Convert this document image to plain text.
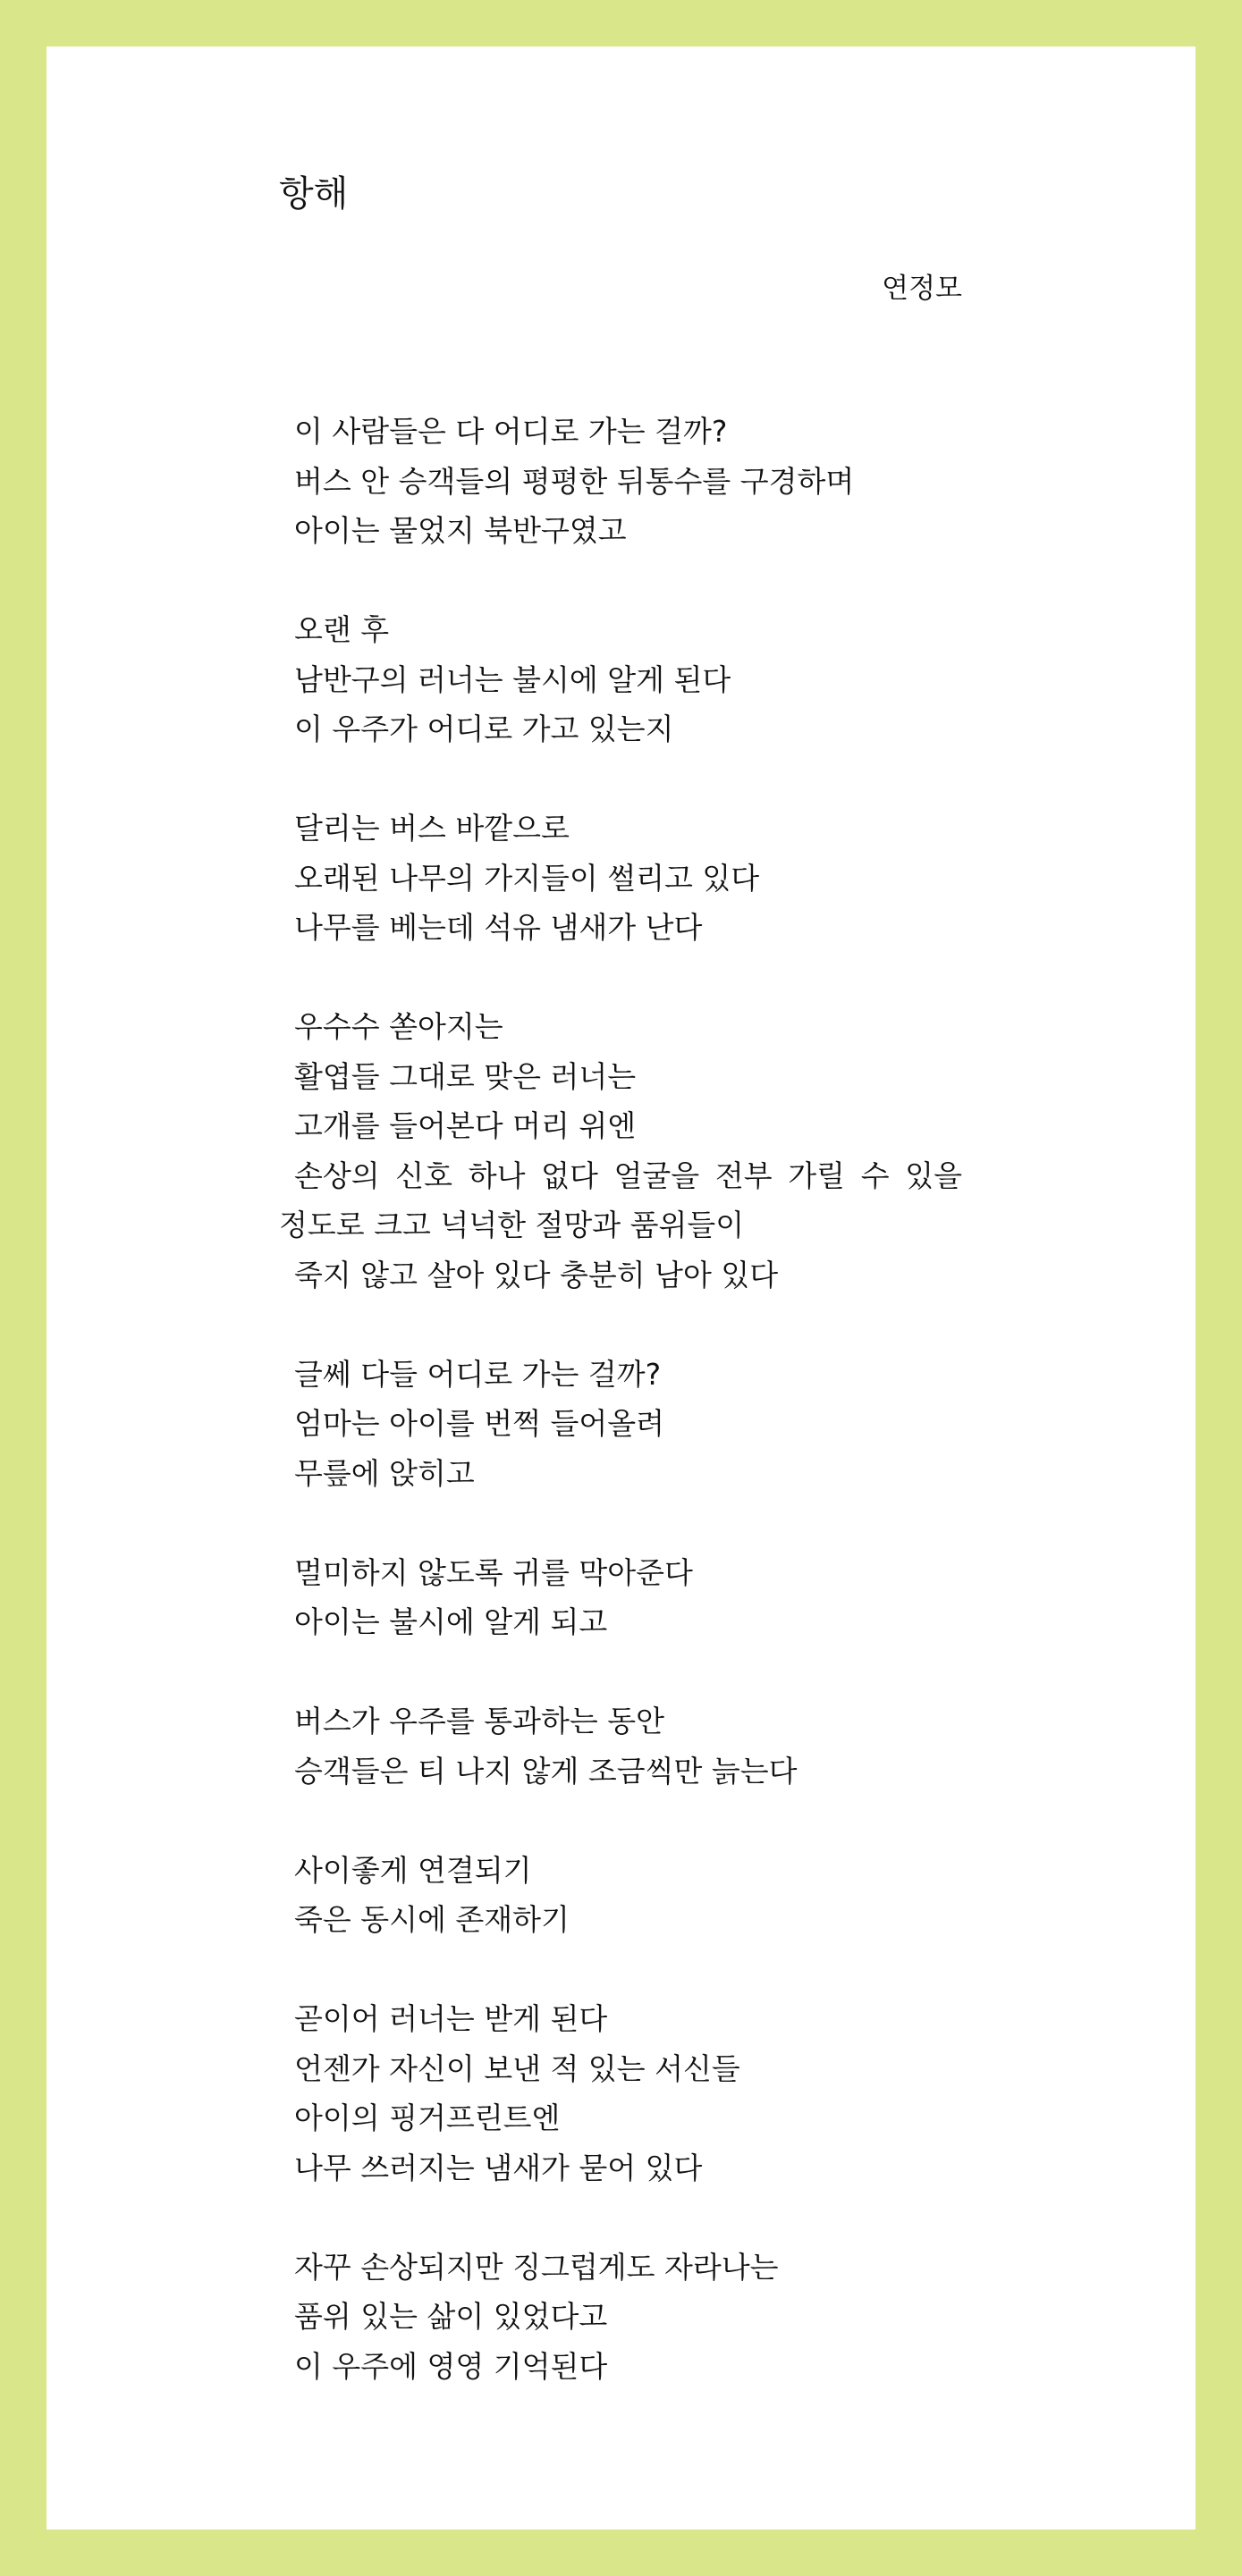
항해
연정모
이 사람들은 다 어디로 가는 걸까?
버스 안 승객들의 평평한 뒤통수를 구경하며
아이는 물었지 북반구였고
오랜 후
남반구의 러너는 불시에 알게 된다
이 우주가 어디로 가고 있는지
달리는 버스 바깥으로
오래된 나무의 가지들이 썰리고 있다
나무를 베는데 석유 냄새가 난다
우수수 쏟아지는
활엽들 그대로 맞은 러너는
고개를 들어본다 머리 위엔
손상의 신호 하나 없다 얼굴을 전부 가릴 수 있을
정도로 크고 넉넉한 절망과 품위들이
죽지 않고 살아 있다 충분히 남아 있다
글쎄 다들 어디로 가는 걸까?
엄마는 아이를 번쩍 들어올려
무릎에 앉히고
멀미하지 않도록 귀를 막아준다
아이는 불시에 알게 되고
버스가 우주를 통과하는 동안
승객들은 티 나지 않게 조금씩만 늙는다
사이좋게 연결되기
죽은 동시에 존재하기
곧이어 러너는 받게 된다
언젠가 자신이 보낸 적 있는 서신들
아이의 핑거프린트엔
나무 쓰러지는 냄새가 묻어 있다
자꾸 손상되지만 징그럽게도 자라나는
품위 있는 삶이 있었다고
이 우주에 영영 기억된다
